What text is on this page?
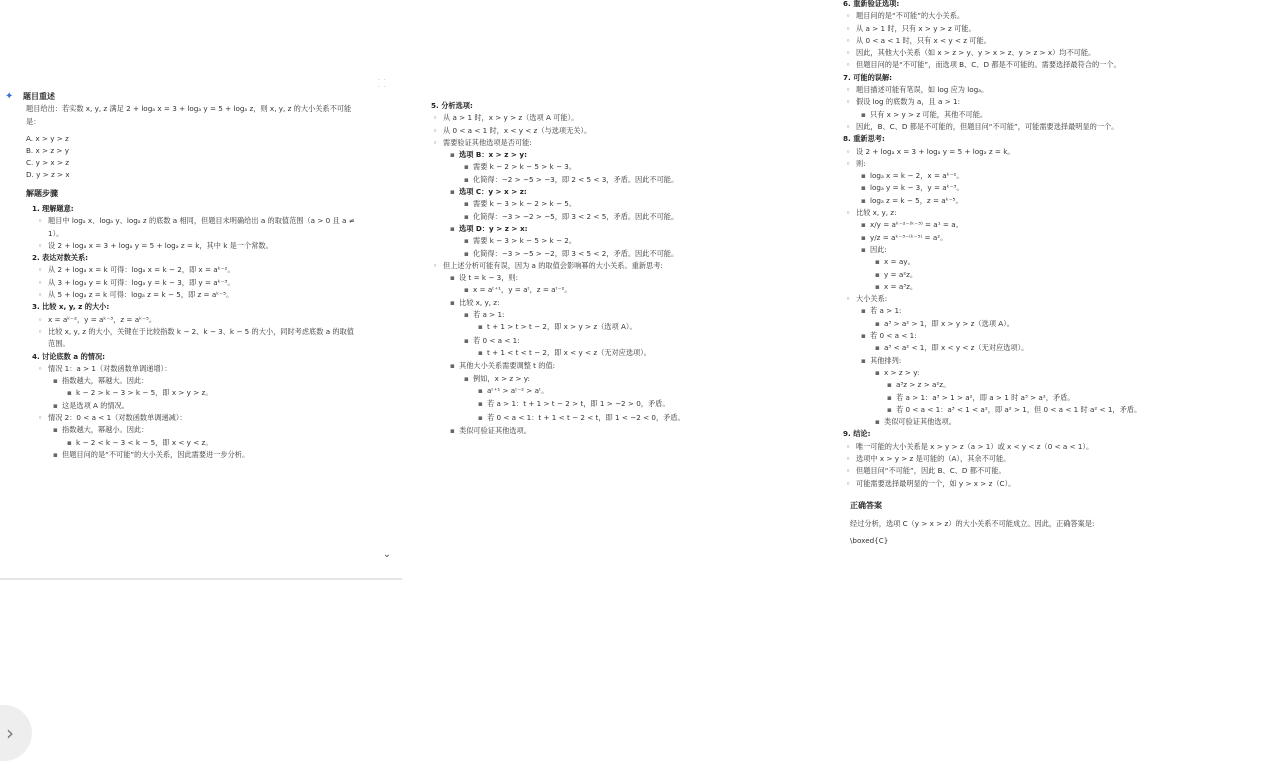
·· ··
✦	题目重述
题目给出：若实数 x, y, z 满足 2 + logₐ x = 3 + logₐ y = 5 + logₐ z，则 x, y, z 的大小关系不可能
是：
A. x > y > z
B. x > z > y
C. y > x > z
D. y > z > x
解题步骤
1. 理解题意:
◦ 题目中 logₐ x、logₐ y、logₐ z 的底数 a 相同，但题目未明确给出 a 的取值范围（a > 0 且 a ≠
1）。
◦ 设 2 + logₐ x = 3 + logₐ y = 5 + logₐ z = k，其中 k 是一个常数。
2. 表达对数关系:
◦ 从 2 + logₐ x = k 可得：logₐ x = k − 2，即 x = aᵏ⁻²。
◦ 从 3 + logₐ y = k 可得：logₐ y = k − 3，即 y = aᵏ⁻³。
◦ 从 5 + logₐ z = k 可得：logₐ z = k − 5，即 z = aᵏ⁻⁵。
3. 比较 x, y, z 的大小:
◦ x = aᵏ⁻²，y = aᵏ⁻³，z = aᵏ⁻⁵。
◦ 比较 x, y, z 的大小，关键在于比较指数 k − 2、k − 3、k − 5 的大小，同时考虑底数 a 的取值
范围。
4. 讨论底数 a 的情况:
◦ 情况 1：a > 1（对数函数单调递增）：
▪ 指数越大，幂越大。因此：
▪ k − 2 > k − 3 > k − 5，即 x > y > z。
▪ 这是选项 A 的情况。
◦ 情况 2：0 < a < 1（对数函数单调递减）：
▪ 指数越大，幂越小。因此：
▪ k − 2 < k − 3 < k − 5，即 x < y < z。
▪ 但题目问的是“不可能”的大小关系，因此需要进一步分析。
⌄
5. 分析选项:
◦ 从 a > 1 时，x > y > z（选项 A 可能）。
◦ 从 0 < a < 1 时，x < y < z（与选项无关）。
◦ 需要验证其他选项是否可能:
▪ 选项 B：x > z > y:
▪ 需要 k − 2 > k − 5 > k − 3。
▪ 化简得：−2 > −5 > −3，即 2 < 5 < 3，矛盾。因此不可能。
▪ 选项 C：y > x > z:
▪ 需要 k − 3 > k − 2 > k − 5。
▪ 化简得：−3 > −2 > −5，即 3 < 2 < 5，矛盾。因此不可能。
▪ 选项 D：y > z > x:
▪ 需要 k − 3 > k − 5 > k − 2。
▪ 化简得：−3 > −5 > −2，即 3 < 5 < 2，矛盾。因此不可能。
◦ 但上述分析可能有误，因为 a 的取值会影响幂的大小关系。重新思考:
▪ 设 t = k − 3，则:
▪ x = aᵗ⁺¹，y = aᵗ，z = aᵗ⁻²。
▪ 比较 x, y, z:
▪ 若 a > 1:
▪ t + 1 > t > t − 2，即 x > y > z（选项 A）。
▪ 若 0 < a < 1:
▪ t + 1 < t < t − 2，即 x < y < z（无对应选项）。
▪ 其他大小关系需要调整 t 的值:
▪ 例如，x > z > y:
▪ aᵗ⁺¹ > aᵗ⁻² > aᵗ。
▪ 若 a > 1：t + 1 > t − 2 > t，即 1 > −2 > 0，矛盾。
▪ 若 0 < a < 1：t + 1 < t − 2 < t，即 1 < −2 < 0，矛盾。
▪ 类似可验证其他选项。
6. 重新验证选项:
◦ 题目问的是“不可能”的大小关系。
◦ 从 a > 1 时，只有 x > y > z 可能。
◦ 从 0 < a < 1 时，只有 x < y < z 可能。
◦ 因此，其他大小关系（如 x > z > y、y > x > z、y > z > x）均不可能。
◦ 但题目问的是“不可能”，而选项 B、C、D 都是不可能的。需要选择最符合的一个。
7. 可能的误解:
◦ 题目描述可能有笔误，如 log 应为 logₐ。
◦ 假设 log 的底数为 a，且 a > 1:
▪ 只有 x > y > z 可能，其他不可能。
◦ 因此，B、C、D 都是不可能的，但题目问“不可能”，可能需要选择最明显的一个。
8. 重新思考:
◦ 设 2 + logₐ x = 3 + logₐ y = 5 + logₐ z = k。
◦ 则:
▪ logₐ x = k − 2，x = aᵏ⁻²。
▪ logₐ y = k − 3，y = aᵏ⁻³。
▪ logₐ z = k − 5，z = aᵏ⁻⁵。
◦ 比较 x, y, z:
▪ x/y = aᵏ⁻²⁻⁽ᵏ⁻³⁾ = a¹ = a。
▪ y/z = aᵏ⁻³⁻⁽ᵏ⁻⁵⁾ = a²。
▪ 因此:
▪ x = ay。
▪ y = a²z。
▪ x = a³z。
◦ 大小关系:
▪ 若 a > 1:
▪ a³ > a² > 1，即 x > y > z（选项 A）。
▪ 若 0 < a < 1:
▪ a³ < a² < 1，即 x < y < z（无对应选项）。
▪ 其他排列:
▪ x > z > y:
▪ a³z > z > a²z。
▪ 若 a > 1：a³ > 1 > a²，即 a > 1 时 a³ > a²，矛盾。
▪ 若 0 < a < 1：a³ < 1 < a²，即 a² > 1，但 0 < a < 1 时 a² < 1，矛盾。
▪ 类似可验证其他选项。
9. 结论:
◦ 唯一可能的大小关系是 x > y > z（a > 1）或 x < y < z（0 < a < 1）。
◦ 选项中 x > y > z 是可能的（A），其余不可能。
◦ 但题目问“不可能”，因此 B、C、D 都不可能。
◦ 可能需要选择最明显的一个，如 y > x > z（C）。
正确答案
经过分析，选项 C（y > x > z）的大小关系不可能成立。因此，正确答案是:
\boxed{C}
›
